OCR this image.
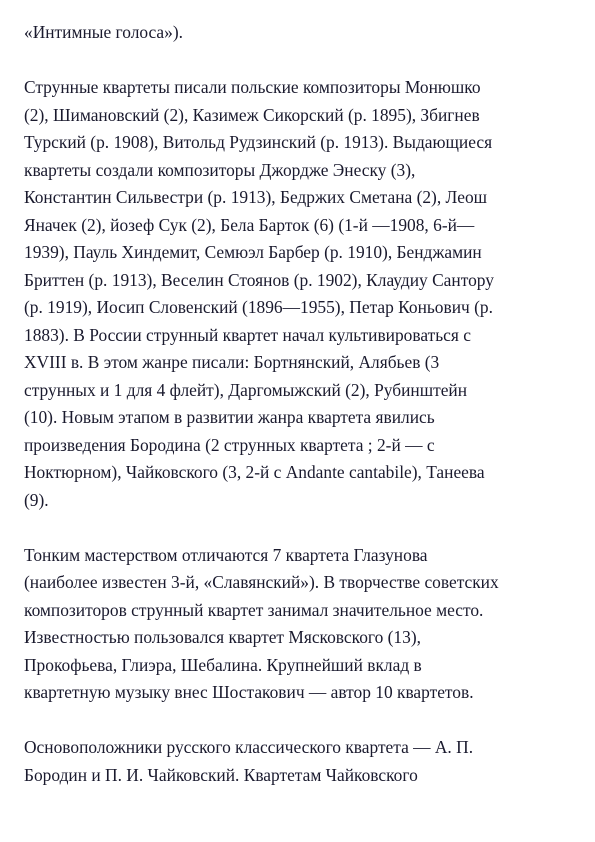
«Интимные голоса»).
Струнные квартеты писали польские композиторы Монюшко
(2), Шимановский (2), Казимеж Сикорский (р. 1895), Збигнев
Турский (р. 1908), Витольд Рудзинский (р. 1913). Выдающиеся
квартеты создали композиторы Джордже Энеску (3),
Константин Сильвестри (р. 1913), Бедржих Сметана (2), Леош
Яначек (2), йозеф Сук (2), Бела Барток (6) (1-й —1908, 6-й—
1939), Пауль Хиндемит, Семюэл Барбер (р. 1910), Бенджамин
Бриттен (р. 1913), Веселин Стоянов (р. 1902), Клаудиу Сантору
(р. 1919), Иосип Словенский (1896—1955), Петар Коньович (р.
1883). В России струнный квартет начал культивироваться с
XVIII в. В этом жанре писали: Бортнянский, Алябьев (3
струнных и 1 для 4 флейт), Даргомыжский (2), Рубинштейн
(10). Новым этапом в развитии жанра квартета явились
произведения Бородина (2 струнных квартета ; 2-й — с
Ноктюрном), Чайковского (3, 2-й с Andante cantabile), Танеева
(9).
Тонким мастерством отличаются 7 квартета Глазунова
(наиболее известен 3-й, «Славянский»). В творчестве советских
композиторов струнный квартет занимал значительное место.
Известностью пользовался квартет Мясковского (13),
Прокофьева, Глиэра, Шебалина. Крупнейший вклад в
квартетную музыку внес Шостакович — автор 10 квартетов.
Основоположники русского классического квартета — А. П.
Бородин и П. И. Чайковский. Квартетам Чайковского
